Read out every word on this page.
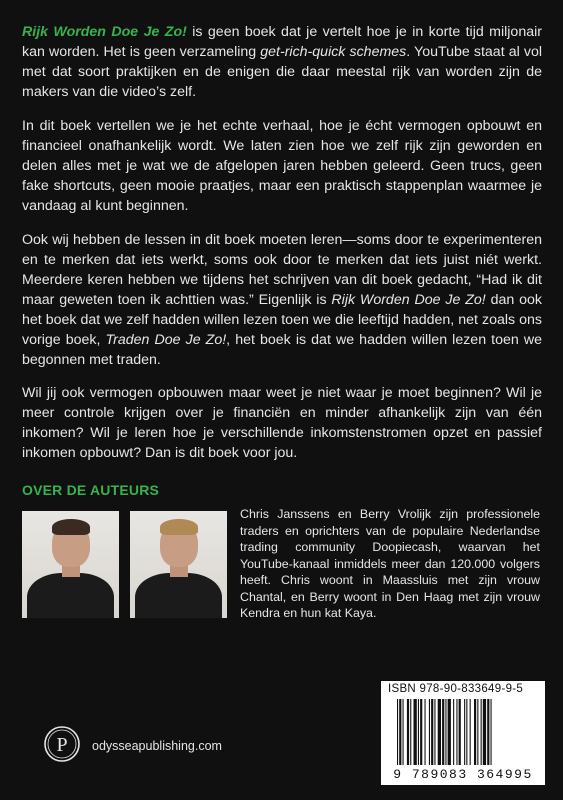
Rijk Worden Doe Je Zo! is geen boek dat je vertelt hoe je in korte tijd miljonair kan worden. Het is geen verzameling get-rich-quick schemes. YouTube staat al vol met dat soort praktijken en de enigen die daar meestal rijk van worden zijn de makers van die video’s zelf.

In dit boek vertellen we je het echte verhaal, hoe je écht vermogen opbouwt en financieel onafhankelijk wordt. We laten zien hoe we zelf rijk zijn geworden en delen alles met je wat we de afgelopen jaren hebben geleerd. Geen trucs, geen fake shortcuts, geen mooie praatjes, maar een praktisch stappenplan waarmee je vandaag al kunt beginnen.

Ook wij hebben de lessen in dit boek moeten leren—soms door te experimenteren en te merken dat iets werkt, soms ook door te merken dat iets juist niét werkt. Meerdere keren hebben we tijdens het schrijven van dit boek gedacht, “Had ik dit maar geweten toen ik achttien was.” Eigenlijk is Rijk Worden Doe Je Zo! dan ook het boek dat we zelf hadden willen lezen toen we die leeftijd hadden, net zoals ons vorige boek, Traden Doe Je Zo!, het boek is dat we hadden willen lezen toen we begonnen met traden.

Wil jij ook vermogen opbouwen maar weet je niet waar je moet beginnen? Wil je meer controle krijgen over je financiën en minder afhankelijk zijn van één inkomen? Wil je leren hoe je verschillende inkomstenstromen opzet en passief inkomen opbouwt? Dan is dit boek voor jou.

OVER DE AUTEURS

Chris Janssens en Berry Vrolijk zijn professionele traders en oprichters van de populaire Nederlandse trading community Doopiecash, waarvan het YouTube-kanaal inmiddels meer dan 120.000 volgers heeft. Chris woont in Maassluis met zijn vrouw Chantal, en Berry woont in Den Haag met zijn vrouw Kendra en hun kat Kaya.

P odysseapublishing.com
ISBN 978-90-833649-9-5
9 789083 364995
